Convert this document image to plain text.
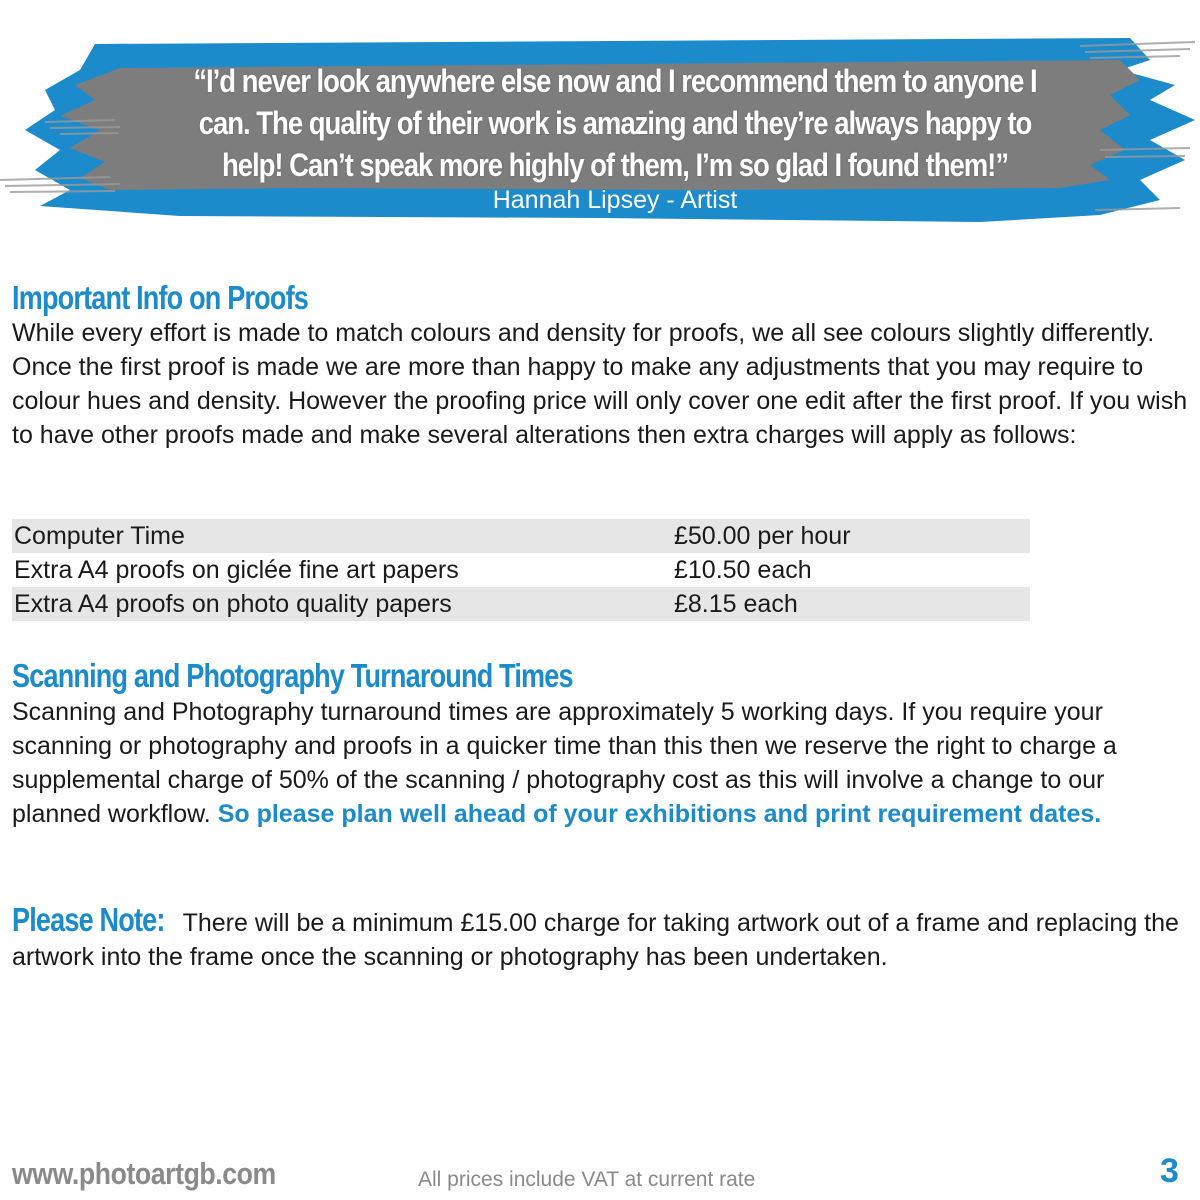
“I’d never look anywhere else now and I recommend them to anyone I can. The quality of their work is amazing and they’re always happy to help! Can’t speak more highly of them, I’m so glad I found them!”
Hannah Lipsey - Artist
Important Info on Proofs

While every effort is made to match colours and density for proofs, we all see colours slightly differently. Once the first proof is made we are more than happy to make any adjustments that you may require to colour hues and density. However the proofing price will only cover one edit after the first proof. If you wish to have other proofs made and make several alterations then extra charges will apply as follows:

Computer Time	£50.00 per hour
Extra A4 proofs on giclée fine art papers	£10.50 each
Extra A4 proofs on photo quality papers	£8.15 each
Scanning and Photography Turnaround Times

Scanning and Photography turnaround times are approximately 5 working days. If you require your scanning or photography and proofs in a quicker time than this then we reserve the right to charge a supplemental charge of 50% of the scanning / photography cost as this will involve a change to our planned workflow. So please plan well ahead of your exhibitions and print requirement dates.

Please Note: There will be a minimum £15.00 charge for taking artwork out of a frame and replacing the artwork into the frame once the scanning or photography has been undertaken.

www.photoartgb.com	All prices include VAT at current rate	3
